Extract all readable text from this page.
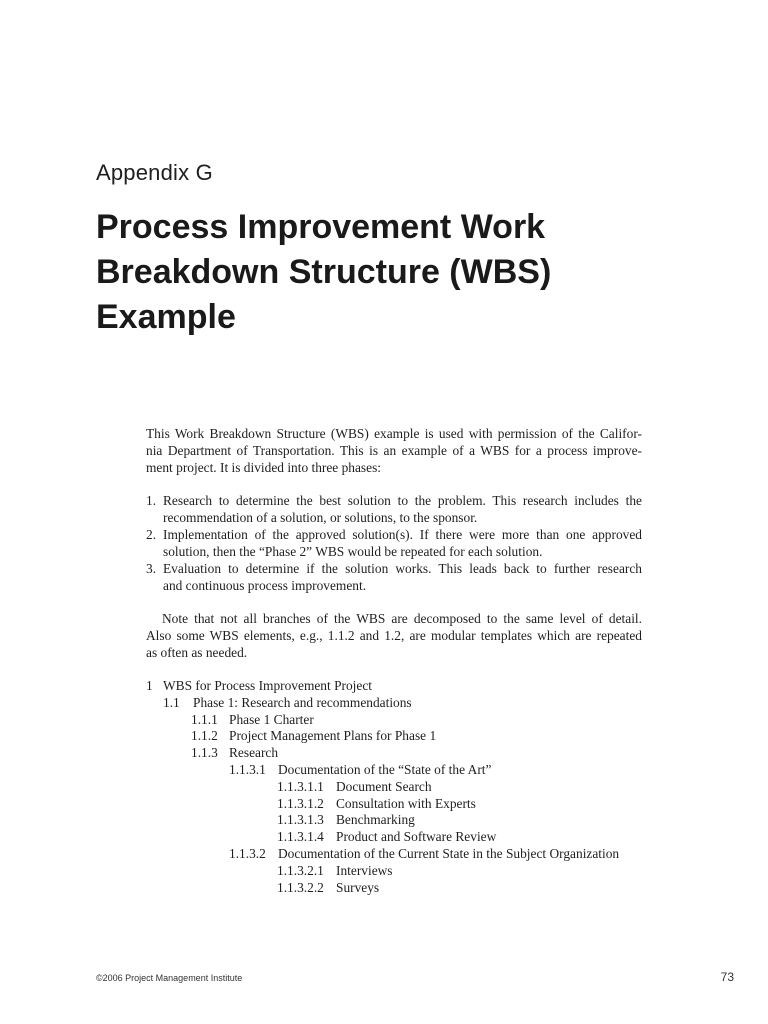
Appendix G
Process Improvement Work
Breakdown Structure (WBS)
Example
This Work Breakdown Structure (WBS) example is used with permission of the Califor-
nia Department of Transportation. This is an example of a WBS for a process improve-
ment project. It is divided into three phases:
1. Research to determine the best solution to the problem. This research includes the
recommendation of a solution, or solutions, to the sponsor.
2. Implementation of the approved solution(s). If there were more than one approved
solution, then the “Phase 2” WBS would be repeated for each solution.
3. Evaluation to determine if the solution works. This leads back to further research
and continuous process improvement.
Note that not all branches of the WBS are decomposed to the same level of detail.
Also some WBS elements, e.g., 1.1.2 and 1.2, are modular templates which are repeated
as often as needed.
1 WBS for Process Improvement Project
1.1 Phase 1: Research and recommendations
1.1.1 Phase 1 Charter
1.1.2 Project Management Plans for Phase 1
1.1.3 Research
1.1.3.1 Documentation of the “State of the Art”
1.1.3.1.1 Document Search
1.1.3.1.2 Consultation with Experts
1.1.3.1.3 Benchmarking
1.1.3.1.4 Product and Software Review
1.1.3.2 Documentation of the Current State in the Subject Organization
1.1.3.2.1 Interviews
1.1.3.2.2 Surveys
©2006 Project Management Institute	73
